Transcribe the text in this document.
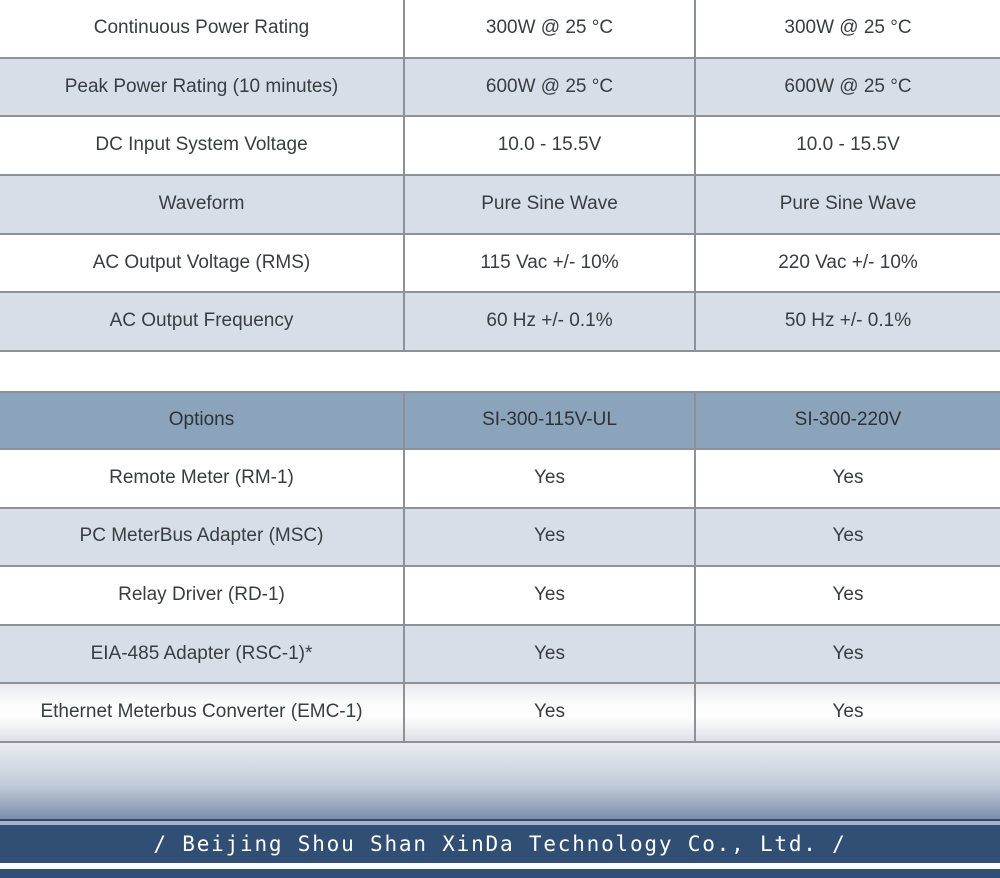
Continuous Power Rating	300W @ 25 °C	300W @ 25 °C
Peak Power Rating (10 minutes)	600W @ 25 °C	600W @ 25 °C
DC Input System Voltage	10.0 - 15.5V	10.0 - 15.5V
Waveform	Pure Sine Wave	Pure Sine Wave
AC Output Voltage (RMS)	115 Vac +/- 10%	220 Vac +/- 10%
AC Output Frequency	60 Hz +/- 0.1%	50 Hz +/- 0.1%
Options	SI-300-115V-UL	SI-300-220V
Remote Meter (RM-1)	Yes	Yes
PC MeterBus Adapter (MSC)	Yes	Yes
Relay Driver (RD-1)	Yes	Yes
EIA-485 Adapter (RSC-1)*	Yes	Yes
Ethernet Meterbus Converter (EMC-1)	Yes	Yes
/ Beijing Shou Shan XinDa Technology Co., Ltd. /
